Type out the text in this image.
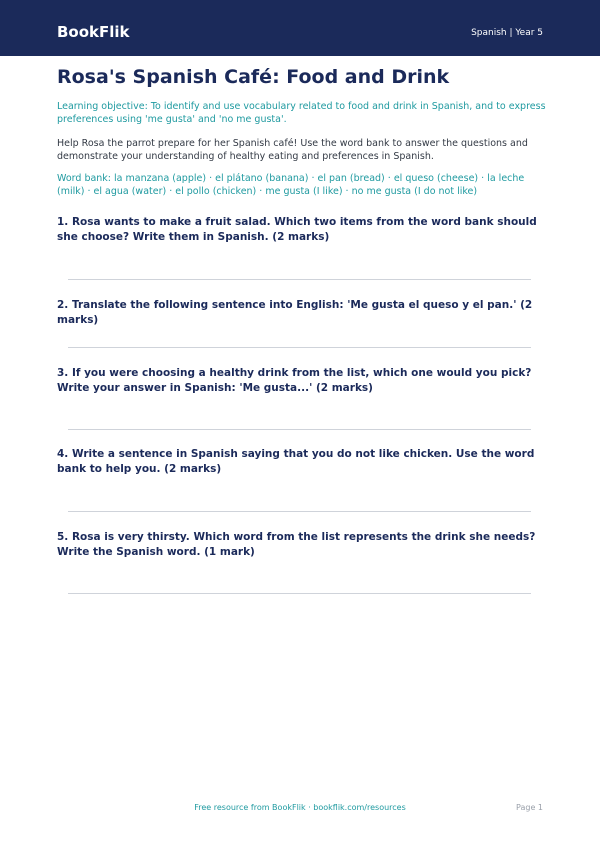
BookFlik	Spanish | Year 5
Rosa's Spanish Café: Food and Drink

Learning objective: To identify and use vocabulary related to food and drink in Spanish, and to express preferences using 'me gusta' and 'no me gusta'.

Help Rosa the parrot prepare for her Spanish café! Use the word bank to answer the questions and demonstrate your understanding of healthy eating and preferences in Spanish.

Word bank: la manzana (apple) · el plátano (banana) · el pan (bread) · el queso (cheese) · la leche (milk) · el agua (water) · el pollo (chicken) · me gusta (I like) · no me gusta (I do not like)

1. Rosa wants to make a fruit salad. Which two items from the word bank should she choose? Write them in Spanish. (2 marks)

2. Translate the following sentence into English: 'Me gusta el queso y el pan.' (2 marks)

3. If you were choosing a healthy drink from the list, which one would you pick? Write your answer in Spanish: 'Me gusta...' (2 marks)

4. Write a sentence in Spanish saying that you do not like chicken. Use the word bank to help you. (2 marks)

5. Rosa is very thirsty. Which word from the list represents the drink she needs? Write the Spanish word. (1 mark)

Free resource from BookFlik · bookflik.com/resources	Page 1
